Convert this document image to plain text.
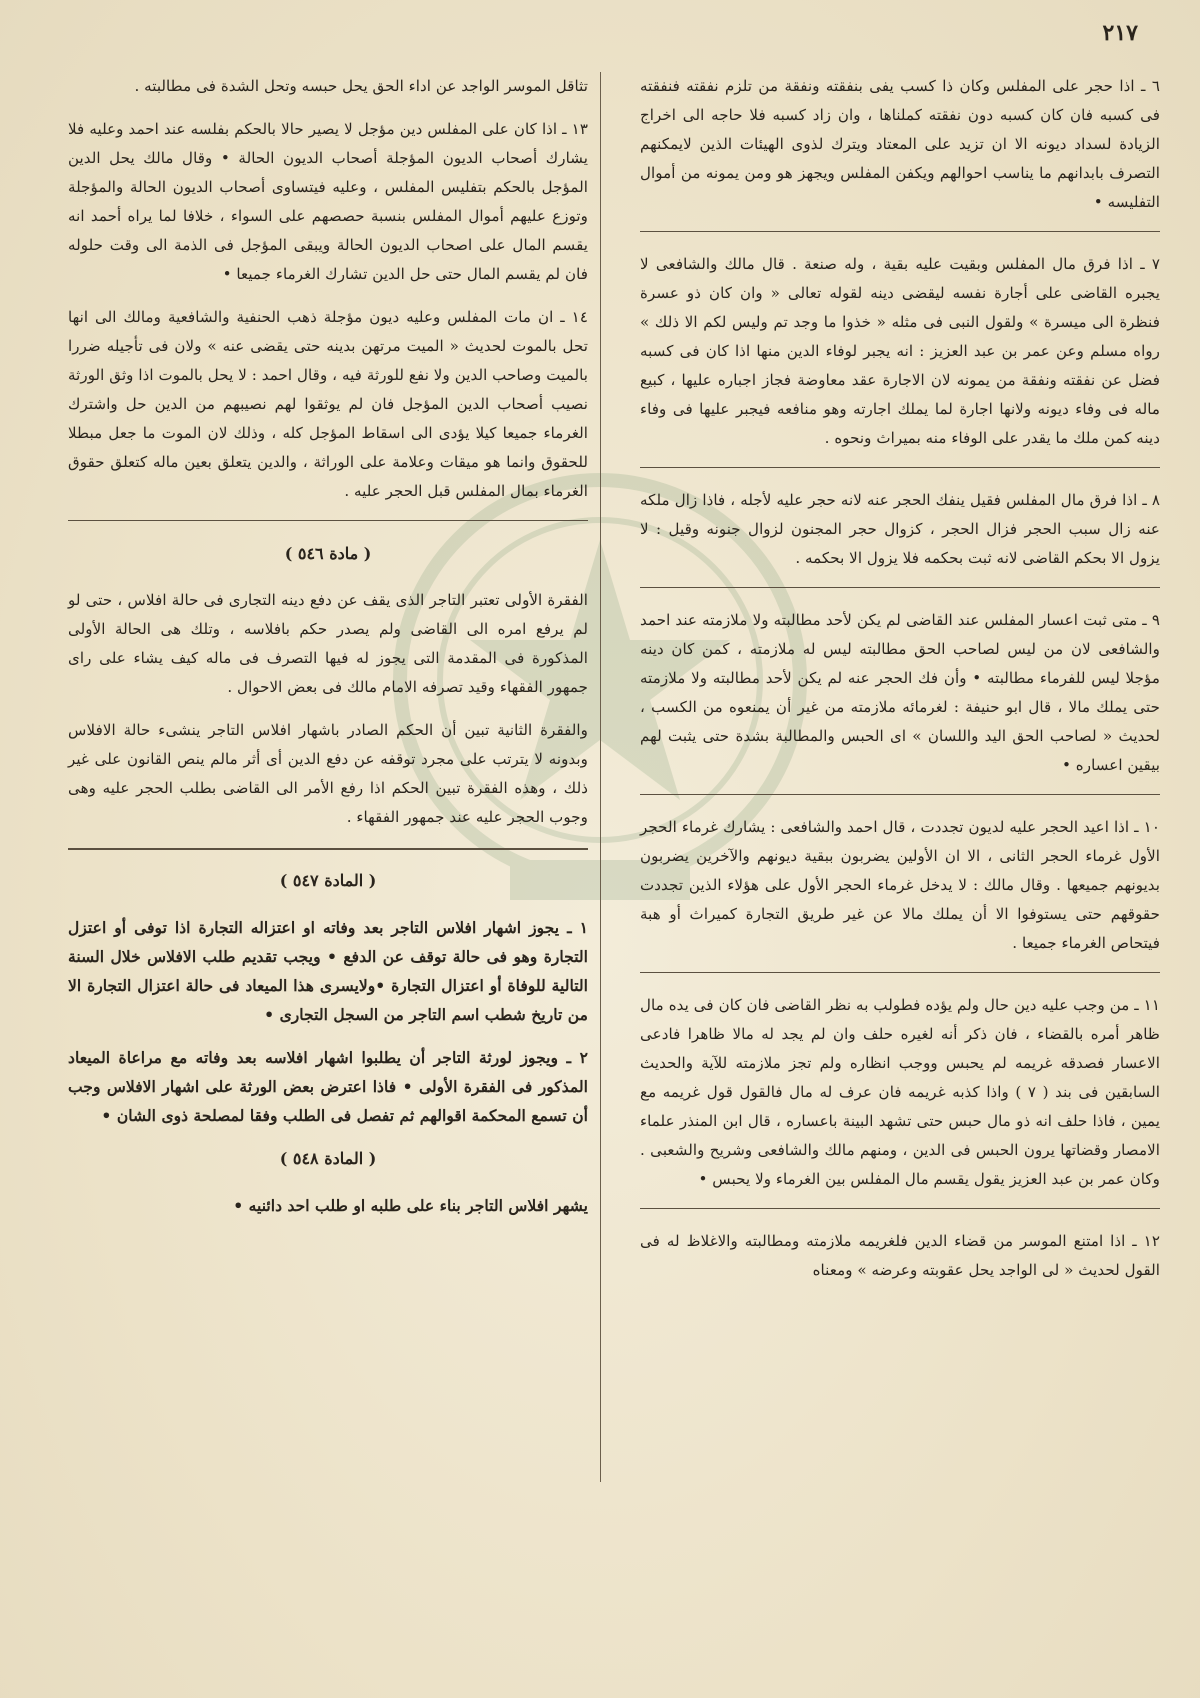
٢١٧

٦ ـ اذا حجر على المفلس وكان ذا كسب يفى بنفقته ونفقة من تلزم نفقته فنفقته فى كسبه فان كان كسبه دون نفقته كملناها ، وان زاد كسبه فلا حاجه الى اخراج الزيادة لسداد ديونه الا ان تزيد على المعتاد ويترك لذوى الهيئات الذين لايمكنهم التصرف بابدانهم ما يناسب احوالهم ويكفن المفلس ويجهز هو ومن يمونه من أموال التفليسه •

٧ ـ اذا فرق مال المفلس وبقيت عليه بقية ، وله صنعة . قال مالك والشافعى لا يجبره القاضى على أجارة نفسه ليقضى دينه لقوله تعالى « وان كان ذو عسرة فنظرة الى ميسرة » ولقول النبى فى مثله « خذوا ما وجد تم وليس لكم الا ذلك » رواه مسلم وعن عمر بن عبد العزيز : انه يجبر لوفاء الدين منها اذا كان فى كسبه فضل عن نفقته ونفقة من يمونه لان الاجارة عقد معاوضة فجاز اجباره عليها ، كبيع ماله فى وفاء ديونه ولانها اجارة لما يملك اجارته وهو منافعه فيجبر عليها فى وفاء دينه كمن ملك ما يقدر على الوفاء منه بميراث ونحوه .

٨ ـ اذا فرق مال المفلس فقيل ينفك الحجر عنه لانه حجر عليه لأجله ، فاذا زال ملكه عنه زال سبب الحجر فزال الحجر ، كزوال حجر المجنون لزوال جنونه وقيل : لا يزول الا بحكم القاضى لانه ثبت بحكمه فلا يزول الا بحكمه .

٩ ـ متى ثبت اعسار المفلس عند القاضى لم يكن لأحد مطالبته ولا ملازمته عند احمد والشافعى لان من ليس لصاحب الحق مطالبته ليس له ملازمته ، كمن كان دينه مؤجلا ليس للفرماء مطالبته • وأن فك الحجر عنه لم يكن لأحد مطالبته ولا ملازمته حتى يملك مالا ، قال ابو حنيفة : لغرمائه ملازمته من غير أن يمنعوه من الكسب ، لحديث « لصاحب الحق اليد واللسان » اى الحبس والمطالبة بشدة حتى يثبت لهم بيقين اعساره •

١٠ ـ اذا اعيد الحجر عليه لديون تجددت ، قال احمد والشافعى : يشارك غرماء الحجر الأول غرماء الحجر الثانى ، الا ان الأولين يضربون ببقية ديونهم والآخرين يضربون بديونهم جميعها . وقال مالك : لا يدخل غرماء الحجر الأول على هؤلاء الذين تجددت حقوقهم حتى يستوفوا الا أن يملك مالا عن غير طريق التجارة كميراث أو هبة فيتحاص الغرماء جميعا .

١١ ـ من وجب عليه دين حال ولم يؤده فطولب به نظر القاضى فان كان فى يده مال ظاهر أمره بالقضاء ، فان ذكر أنه لغيره حلف وان لم يجد له مالا ظاهرا فادعى الاعسار فصدقه غريمه لم يحبس ووجب انظاره ولم تجز ملازمته للآية والحديث السابقين فى بند ( ٧ ) واذا كذبه غريمه فان عرف له مال فالقول قول غريمه مع يمين ، فاذا حلف انه ذو مال حبس حتى تشهد البينة باعساره ، قال ابن المنذر علماء الامصار وقضاتها يرون الحبس فى الدين ، ومنهم مالك والشافعى وشريح والشعبى . وكان عمر بن عبد العزيز يقول يقسم مال المفلس بين الغرماء ولا يحبس •

١٢ ـ اذا امتنع الموسر من قضاء الدين فلغريمه ملازمته ومطالبته والاغلاظ له فى القول لحديث « لى الواجد يحل عقوبته وعرضه » ومعناه

تثاقل الموسر الواجد عن اداء الحق يحل حبسه وتحل الشدة فى مطالبته .

١٣ ـ اذا كان على المفلس دين مؤجل لا يصير حالا بالحكم بفلسه عند احمد وعليه فلا يشارك أصحاب الديون المؤجلة أصحاب الديون الحالة • وقال مالك يحل الدين المؤجل بالحكم بتفليس المفلس ، وعليه فيتساوى أصحاب الديون الحالة والمؤجلة وتوزع عليهم أموال المفلس بنسبة حصصهم على السواء ، خلافا لما يراه أحمد انه يقسم المال على اصحاب الديون الحالة ويبقى المؤجل فى الذمة الى وقت حلوله فان لم يقسم المال حتى حل الدين تشارك الغرماء جميعا •

١٤ ـ ان مات المفلس وعليه ديون مؤجلة ذهب الحنفية والشافعية ومالك الى انها تحل بالموت لحديث « الميت مرتهن بدينه حتى يقضى عنه » ولان فى تأجيله ضررا بالميت وصاحب الدين ولا نفع للورثة فيه ، وقال احمد : لا يحل بالموت اذا وثق الورثة نصيب أصحاب الدين المؤجل فان لم يوثقوا لهم نصيبهم من الدين حل واشترك الغرماء جميعا كيلا يؤدى الى اسقاط المؤجل كله ، وذلك لان الموت ما جعل مبطلا للحقوق وانما هو ميقات وعلامة على الوراثة ، والدين يتعلق بعين ماله كتعلق حقوق الغرماء بمال المفلس قبل الحجر عليه .

( مادة ٥٤٦ )

الفقرة الأولى تعتبر التاجر الذى يقف عن دفع دينه التجارى فى حالة افلاس ، حتى لو لم يرفع امره الى القاضى ولم يصدر حكم بافلاسه ، وتلك هى الحالة الأولى المذكورة فى المقدمة التى يجوز له فيها التصرف فى ماله كيف يشاء على راى جمهور الفقهاء وقيد تصرفه الامام مالك فى بعض الاحوال .

والفقرة الثانية تبين أن الحكم الصادر باشهار افلاس التاجر ينشىء حالة الافلاس وبدونه لا يترتب على مجرد توقفه عن دفع الدين أى أثر مالم ينص القانون على غير ذلك ، وهذه الفقرة تبين الحكم اذا رفع الأمر الى القاضى بطلب الحجر عليه وهى وجوب الحجر عليه عند جمهور الفقهاء .

( المادة ٥٤٧ )

١ ـ يجوز اشهار افلاس التاجر بعد وفاته او اعتزاله التجارة اذا توفى أو اعتزل التجارة وهو فى حالة توقف عن الدفع • ويجب تقديم طلب الافلاس خلال السنة التالية للوفاة أو اعتزال التجارة •ولايسرى هذا الميعاد فى حالة اعتزال التجارة الا من تاريخ شطب اسم التاجر من السجل التجارى •

٢ ـ ويجوز لورثة التاجر أن يطلبوا اشهار افلاسه بعد وفاته مع مراعاة الميعاد المذكور فى الفقرة الأولى • فاذا اعترض بعض الورثة على اشهار الافلاس وجب أن تسمع المحكمة اقوالهم ثم تفصل فى الطلب وفقا لمصلحة ذوى الشان •

( المادة ٥٤٨ )

يشهر افلاس التاجر بناء على طلبه او طلب احد دائنيه •
